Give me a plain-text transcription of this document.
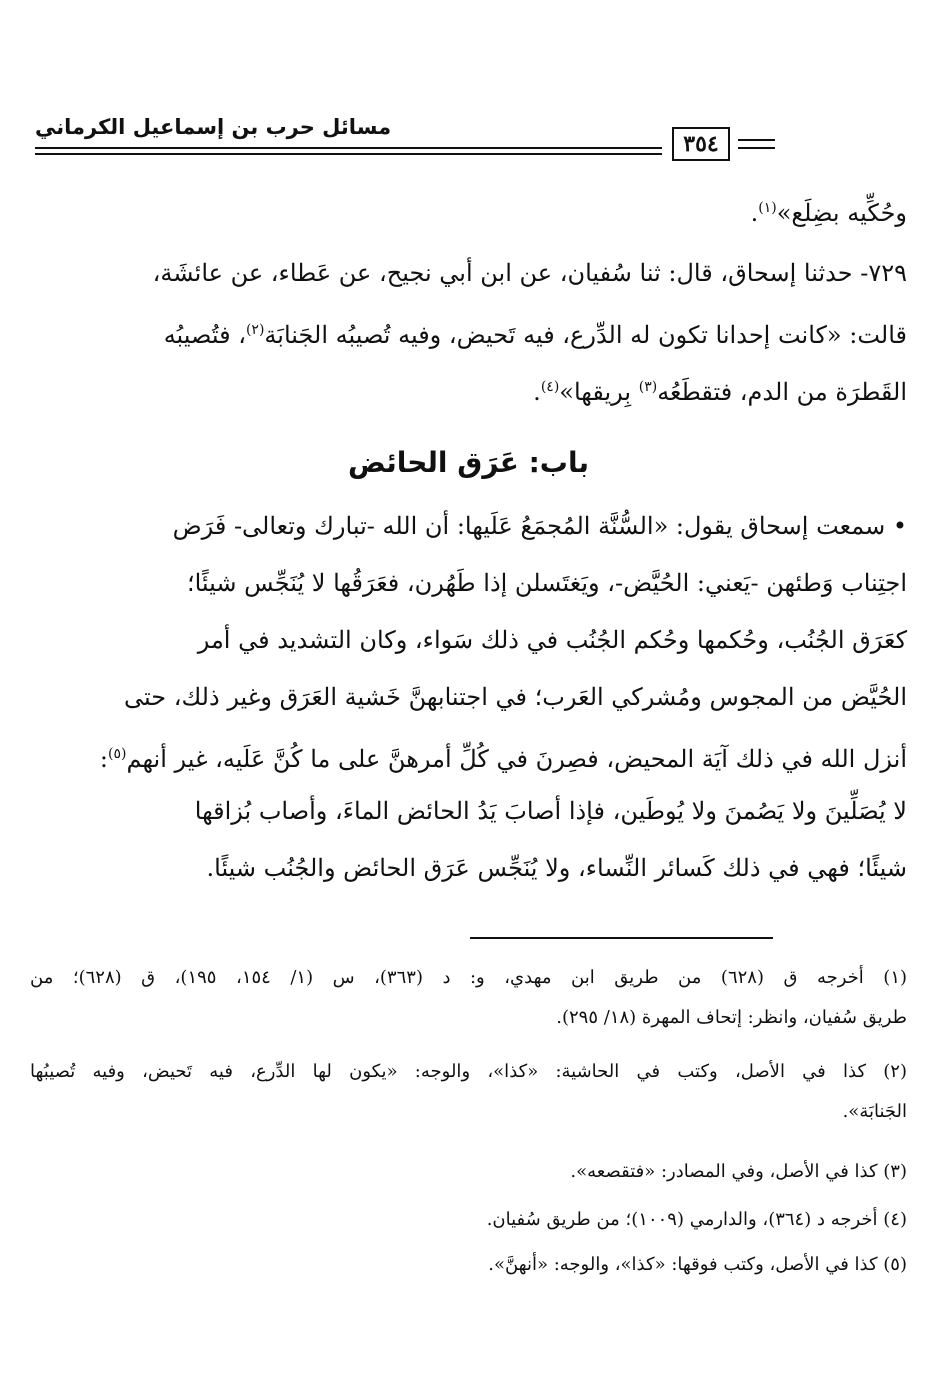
مسائل حرب بن إسماعيل الكرماني
٣٥٤
وحُكِّيه بضِلَع»$^{(١)}$.
٧٢٩- حدثنا إسحاق، قال: ثنا سُفيان، عن ابن أبي نجيح، عن عَطاء، عن عائشَة،
قالت: «كانت إحدانا تكون له الدِّرع، فيه تَحيض، وفيه تُصيبُه الجَنابَة$^{(٢)}$، فتُصيبُه
القَطرَة من الدم، فتقطَعُه$^{(٣)}$ بِريقها»$^{(٤)}$.
باب: عَرَق الحائض
• سمعت إسحاق يقول: «السُّنَّة المُجمَعُ عَلَيها: أن الله -تبارك وتعالى- فَرَض
اجتِناب وَطئهن -يَعني: الحُيَّض-، ويَغتَسلن إذا طَهُرن، فعَرَقُها لا يُنَجِّس شيئًا؛
كعَرَق الجُنُب، وحُكمها وحُكم الجُنُب في ذلك سَواء، وكان التشديد في أمر
الحُيَّض من المجوس ومُشركي العَرب؛ في اجتنابهنَّ خَشية العَرَق وغير ذلك، حتى
أنزل الله في ذلك آيَة المحيض، فصِرنَ في كُلِّ أمرهنَّ على ما كُنَّ عَلَيه، غير أنهم$^{(٥)}$:
لا يُصَلِّينَ ولا يَصُمنَ ولا يُوطَين، فإذا أصابَ يَدُ الحائض الماءَ، وأصاب بُزاقها
شيئًا؛ فهي في ذلك كَسائر النِّساء، ولا يُنَجِّس عَرَق الحائض والجُنُب شيئًا.
(١) أخرجه ق (٦٢٨) من طريق ابن مهدي، و: د (٣٦٣)، س (١/ ١٥٤، ١٩٥)، ق (٦٢٨)؛ من
طريق سُفيان، وانظر: إتحاف المهرة (١٨/ ٢٩٥).
(٢) كذا في الأصل، وكتب في الحاشية: «كذا»، والوجه: «يكون لها الدِّرع، فيه تَحيض، وفيه تُصيبُها
الجَنابَة».
(٣) كذا في الأصل، وفي المصادر: «فتقصعه».
(٤) أخرجه د (٣٦٤)، والدارمي (١٠٠٩)؛ من طريق سُفيان.
(٥) كذا في الأصل، وكتب فوقها: «كذا»، والوجه: «أنهنَّ».
